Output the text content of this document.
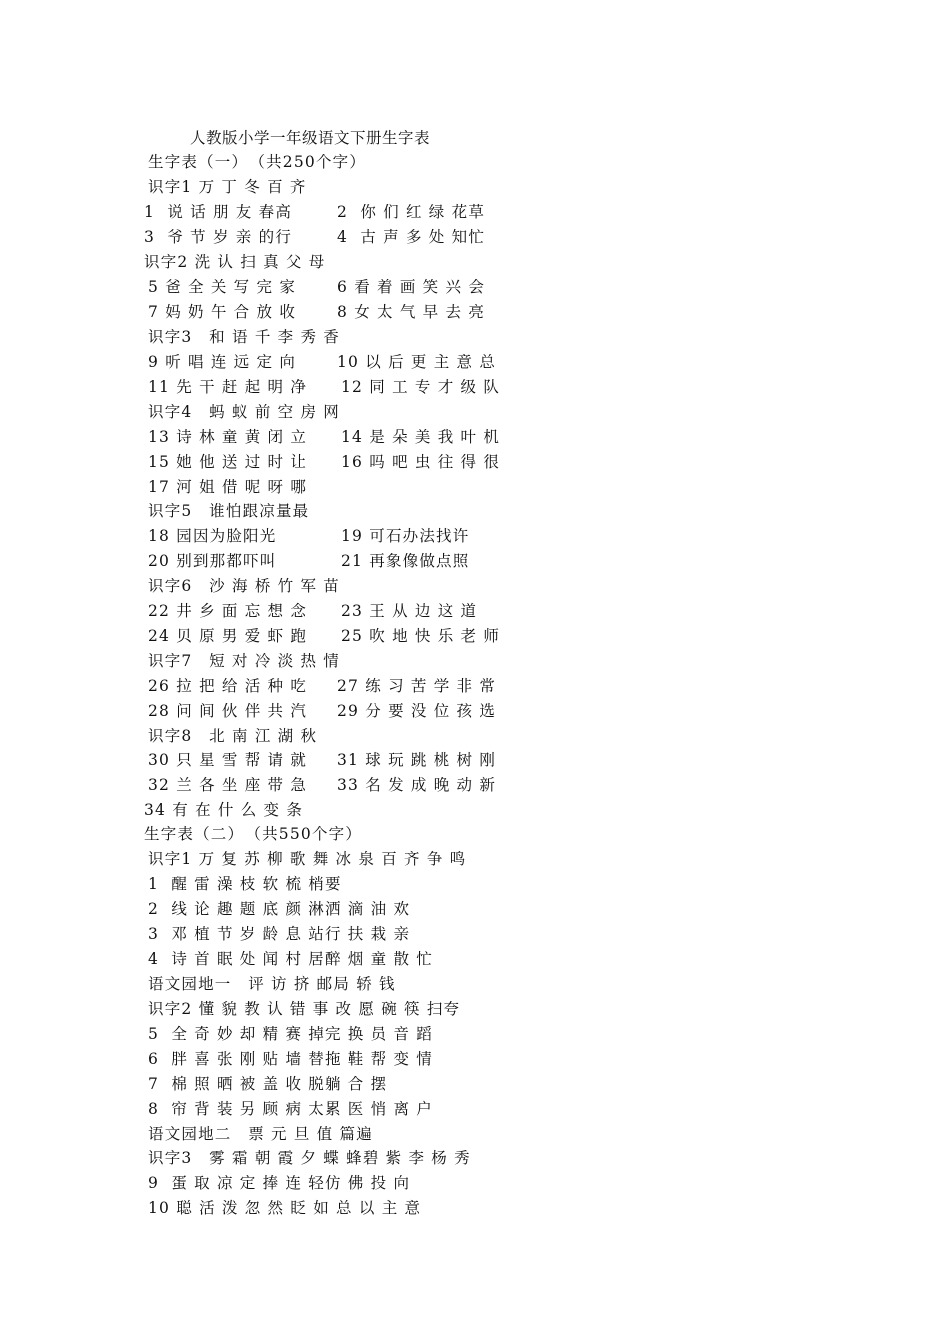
人教版小学一年级语文下册生字表
生字表（一）　（共250个字）
识字1 万 丁 冬 百 齐
1  说 话 朋 友 春高	2  你 们 红 绿 花草
3  爷 节 岁 亲 的行	4  古 声 多 处 知忙
识字2 洗 认 扫 真 父 母
5 爸 全 关 写 完 家	6 看 着 画 笑 兴 会
7 妈 奶 午 合 放 收	8 女 太 气 早 去 亮
识字3　和 语 千 李 秀 香
9 听 唱 连 远 定 向	10 以 后 更 主 意 总
11 先 干 赶 起 明 净 12 同 工 专 才 级 队
识字4　蚂 蚁 前 空 房 网
13 诗 林 童 黄 闭 立 14 是 朵 美 我 叶 机
15 她 他 送 过 时 让 16 吗 吧 虫 往 得 很
17 河 姐 借 呢 呀 哪
识字5　谁怕跟凉量最
18 园因为脸阳光	19 可石办法找许
20 别到那都吓叫	21 再象像做点照
识字6　沙 海 桥 竹 军 苗
22 井 乡 面 忘 想 念 23 王 从 边 这 道
24 贝 原 男 爱 虾 跑 25 吹 地 快 乐 老 师
识字7　短 对 冷 淡 热 情
26 拉 把 给 活 种 吃 27 练 习 苦 学 非 常
28 问 间 伙 伴 共 汽 29 分 要 没 位 孩 选
识字8　北 南 江 湖 秋
30 只 星 雪 帮 请 就 31 球 玩 跳 桃 树 刚
32 兰 各 坐 座 带 急 33 名 发 成 晚 动 新
34 有 在 什 么 变 条
生字表（二）　（共550个字）
识字1 万 复 苏 柳 歌 舞 冰 泉 百 齐 争 鸣
1  醒 雷 澡 枝 软 梳 梢要
2  线 论 趣 题 底 颜 淋洒 滴 油 欢
3  邓 植 节 岁 龄 息 站行 扶 栽 亲
4  诗 首 眠 处 闻 村 居醉 烟 童 散 忙
语文园地一　评 访 挤 邮局 轿 钱
识字2 懂 貌 教 认 错 事 改 愿 碗 筷 扫夸
5  全 奇 妙 却 精 赛 掉完 换 员 音 蹈
6  胖 喜 张 刚 贴 墙 替拖 鞋 帮 变 情
7  棉 照 晒 被 盖 收 脱躺 合 摆
8  帘 背 装 另 顾 病 太累 医 悄 离 户
语文园地二　票 元 旦 值 篇遍
识字3　雾 霜 朝 霞 夕 蝶 蜂碧 紫 李 杨 秀
9  蛋 取 凉 定 捧 连 轻仿 佛 投 向
10 聪 活 泼 忽 然 眨 如 总 以 主 意
